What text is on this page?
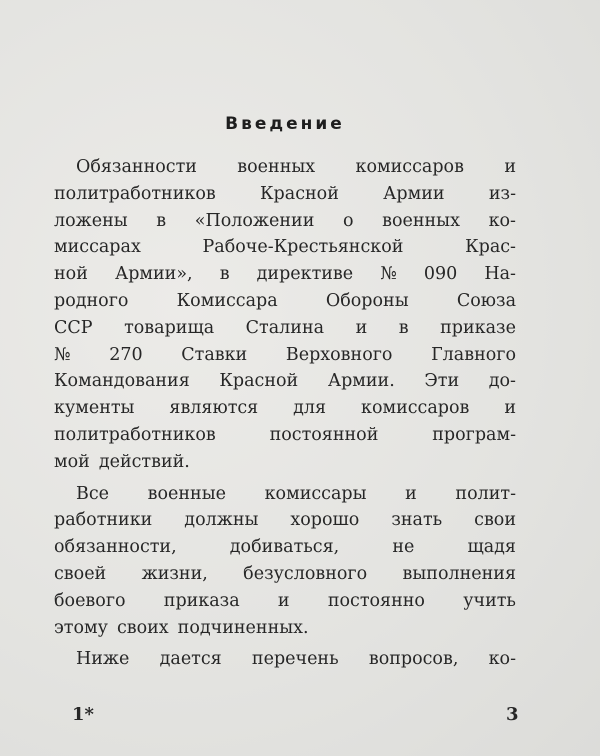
Введение
Обязанности военных комиссаров и
политработников	Красной	Армии	из-
ложены в «Положении о военных ко-
миссарах	Рабоче-Крестьянской	Крас-
ной Армии», в директиве № 090 На-
родного	Комиссара	Обороны	Союза
ССР товарища Сталина и в приказе
№ 270 Ставки Верховного Главного
Командования Красной Армии. Эти до-
кументы являются для комиссаров и
политработников	постоянной	програм-
мой действий.
Все военные комиссары и полит-
работники должны хорошо знать свои
обязанности,	добиваться,	не	щадя
своей жизни, безусловного выполнения
боевого приказа и постоянно учить
этому своих подчиненных.
Ниже дается перечень вопросов, ко-
1*	3
